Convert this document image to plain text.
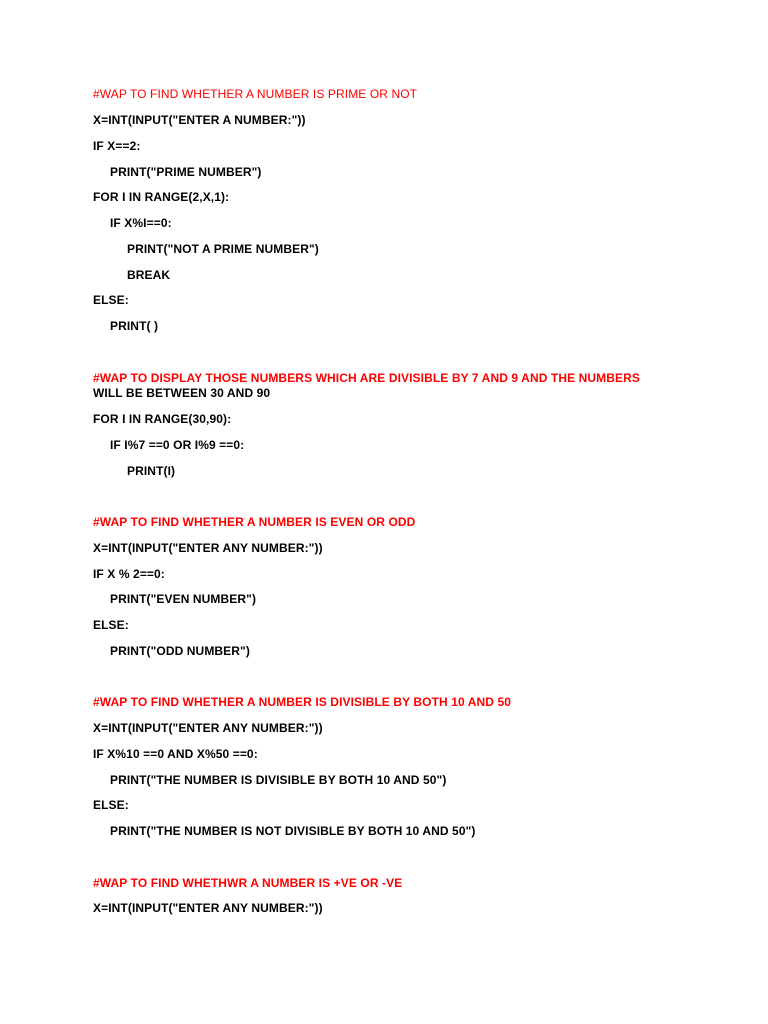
#WAP TO FIND WHETHER A NUMBER IS PRIME OR NOT
X=INT(INPUT("ENTER A NUMBER:"))
IF X==2:
PRINT("PRIME NUMBER")
FOR I IN RANGE(2,X,1):
IF X%I==0:
PRINT("NOT A PRIME NUMBER")
BREAK
ELSE:
PRINT( )
#WAP TO DISPLAY THOSE NUMBERS WHICH ARE DIVISIBLE BY 7 AND 9 AND THE NUMBERS
WILL BE BETWEEN 30 AND 90
FOR I IN RANGE(30,90):
IF I%7 ==0 OR I%9 ==0:
PRINT(I)
#WAP TO FIND WHETHER A NUMBER IS EVEN OR ODD
X=INT(INPUT("ENTER ANY NUMBER:"))
IF X % 2==0:
PRINT("EVEN NUMBER")
ELSE:
PRINT("ODD NUMBER")
#WAP TO FIND WHETHER A NUMBER IS DIVISIBLE BY BOTH 10 AND 50
X=INT(INPUT("ENTER ANY NUMBER:"))
IF X%10 ==0 AND X%50 ==0:
PRINT("THE NUMBER IS DIVISIBLE BY BOTH 10 AND 50")
ELSE:
PRINT("THE NUMBER IS NOT DIVISIBLE BY BOTH 10 AND 50")
#WAP TO FIND WHETHWR A NUMBER IS +VE OR -VE
X=INT(INPUT("ENTER ANY NUMBER:"))
